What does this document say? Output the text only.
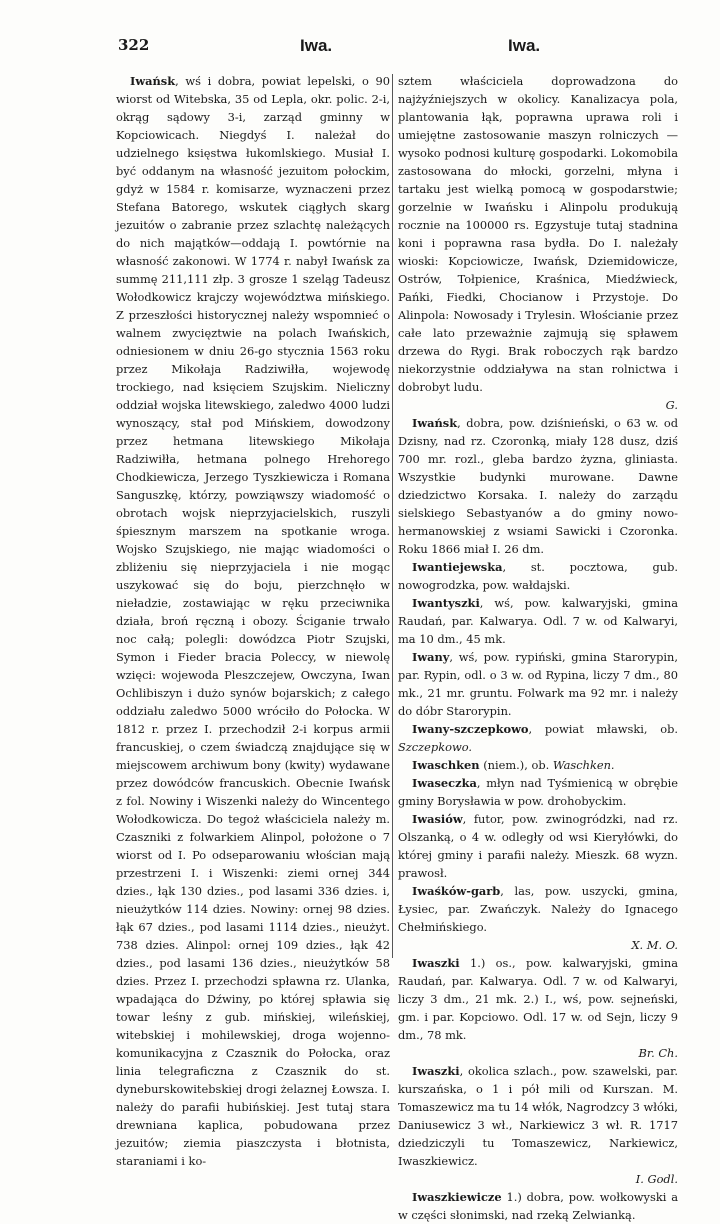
322	Iwa.	Iwa.

Iwańsk, wś i dobra, powiat lepelski, o 90 wiorst od Witebska, 35 od Lepla, okr. polic. 2-i, okrąg sądowy 3-i, zarząd gminny w Kopciowicach. Niegdyś I. należał do udzielnego księstwa łukomlskiego. Musiał I. być oddanym na własność jezuitom połockim, gdyż w 1584 r. komisarze, wyznaczeni przez Stefana Batorego, wskutek ciągłych skarg jezuitów o zabranie przez szlachtę należących do nich majątków—oddają I. powtórnie na własność zakonowi. W 1774 r. nabył Iwańsk za summę 211,111 złp. 3 grosze 1 szeląg Tadeusz Wołodkowicz krajczy województwa mińskiego. Z przeszłości historycznej należy wspomnieć o walnem zwycięztwie na polach Iwańskich, odniesionem w dniu 26-go stycznia 1563 roku przez Mikołaja Radziwiłła, wojewodę trockiego, nad księciem Szujskim. Nieliczny oddział wojska litewskiego, zaledwo 4000 ludzi wynoszący, stał pod Mińskiem, dowodzony przez hetmana litewskiego Mikołaja Radziwiłła, hetmana polnego Hrehorego Chodkiewicza, Jerzego Tyszkiewicza i Romana Sanguszkę, którzy, powziąwszy wiadomość o obrotach wojsk nieprzyjacielskich, ruszyli śpiesznym marszem na spotkanie wroga. Wojsko Szujskiego, nie mając wiadomości o zbliżeniu się nieprzyjaciela i nie mogąc uszykować się do boju, pierzchnęło w nieładzie, zostawiając w ręku przeciwnika działa, broń ręczną i obozy. Ściganie trwało noc całą; polegli: dowódzca Piotr Szujski, Symon i Fieder bracia Poleccy, w niewolę wzięci: wojewoda Pleszczejew, Owczyna, Iwan Ochlibiszyn i dużo synów bojarskich; z całego oddziału zaledwo 5000 wróciło do Połocka. W 1812 r. przez I. przechodził 2-i korpus armii francuskiej, o czem świadczą znajdujące się w miejscowem archiwum bony (kwity) wydawane przez dowódców francuskich. Obecnie Iwańsk z fol. Nowiny i Wiszenki należy do Wincentego Wołodkowicza. Do tegoż właściciela należy m. Czaszniki z folwarkiem Alinpol, położone o 7 wiorst od I. Po odseparowaniu włościan mają przestrzeni I. i Wiszenki: ziemi ornej 344 dzies., łąk 130 dzies., pod lasami 336 dzies. i, nieużytków 114 dzies. Nowiny: ornej 98 dzies. łąk 67 dzies., pod lasami 1114 dzies., nieużyt. 738 dzies. Alinpol: ornej 109 dzies., łąk 42 dzies., pod lasami 136 dzies., nieużytków 58 dzies. Przez I. przechodzi spławna rz. Ulanka, wpadająca do Dźwiny, po której spławia się towar leśny z gub. mińskiej, wileńskiej, witebskiej i mohilewskiej, droga wojenno-komunikacyjna z Czasznik do Połocka, oraz linia telegraficzna z Czasznik do st. dyneburskowitebskiej drogi żelaznej Łowsza. I. należy do parafii hubińskiej. Jest tutaj stara drewniana kaplica, pobudowana przez jezuitów; ziemia piaszczysta i błotnista, staraniami i ko-

sztem właściciela doprowadzona do najżyźniejszych w okolicy. Kanalizacya pola, plantowania łąk, poprawna uprawa roli i umiejętne zastosowanie maszyn rolniczych — wysoko podnosi kulturę gospodarki. Lokomobila zastosowana do młocki, gorzelni, młyna i tartaku jest wielką pomocą w gospodarstwie; gorzelnie w Iwańsku i Alinpolu produkują rocznie na 100000 rs. Egzystuje tutaj stadnina koni i poprawna rasa bydła. Do I. należały wioski: Kopciowicze, Iwańsk, Dziemidowicze, Ostrów, Tołpienice, Kraśnica, Miedźwieck, Pańki, Fiedki, Chocianow i Przystoje. Do Alinpola: Nowosady i Trylesin. Włościanie przez całe lato przeważnie zajmują się spławem drzewa do Rygi. Brak roboczych rąk bardzo niekorzystnie oddziaływa na stan rolnictwa i dobrobyt ludu.

G.

Iwańsk, dobra, pow. dziśnieński, o 63 w. od Dzisny, nad rz. Czoronką, miały 128 dusz, dziś 700 mr. rozl., gleba bardzo żyzna, gliniasta. Wszystkie budynki murowane. Dawne dziedzictwo Korsaka. I. należy do zarządu sielskiego Sebastyanów a do gminy nowo-hermanowskiej z wsiami Sawicki i Czoronka. Roku 1866 miał I. 26 dm.

Iwantiejewska, st. pocztowa, gub. nowogrodzka, pow. wałdajski.

Iwantyszki, wś, pow. kalwaryjski, gmina Raudań, par. Kalwarya. Odl. 7 w. od Kalwaryi, ma 10 dm., 45 mk.

Iwany, wś, pow. rypiński, gmina Starorypin, par. Rypin, odl. o 3 w. od Rypina, liczy 7 dm., 80 mk., 21 mr. gruntu. Folwark ma 92 mr. i należy do dóbr Starorypin.

Iwany-szczepkowo, powiat mławski, ob. Szczepkowo.

Iwaschken (niem.), ob. Waschken.

Iwaseczka, młyn nad Tyśmienicą w obrębie gminy Borysławia w pow. drohobyckim.

Iwasiów, futor, pow. zwinogródzki, nad rz. Olszanką, o 4 w. odległy od wsi Kieryłówki, do której gminy i parafii należy. Mieszk. 68 wyzn. prawosł.

Iwaśków-garb, las, pow. uszycki, gmina, Łysiec, par. Zwańczyk. Należy do Ignacego Chełmińskiego.

X. M. O.

Iwaszki 1.) os., pow. kalwaryjski, gmina Raudań, par. Kalwarya. Odl. 7 w. od Kalwaryi, liczy 3 dm., 21 mk. 2.) I., wś, pow. sejneński, gm. i par. Kopciowo. Odl. 17 w. od Sejn, liczy 9 dm., 78 mk.

Br. Ch.

Iwaszki, okolica szlach., pow. szawelski, par. kurszańska, o 1 i pół mili od Kurszan. M. Tomaszewicz ma tu 14 włók, Nagrodzcy 3 włóki, Daniusewicz 3 wł., Narkiewicz 3 wł. R. 1717 dziedziczyli tu Tomaszewicz, Narkiewicz, Iwaszkiewicz.

I. Godl.

Iwaszkiewicze 1.) dobra, pow. wołkowyski a w części słonimski, nad rzeką Zelwianką.
